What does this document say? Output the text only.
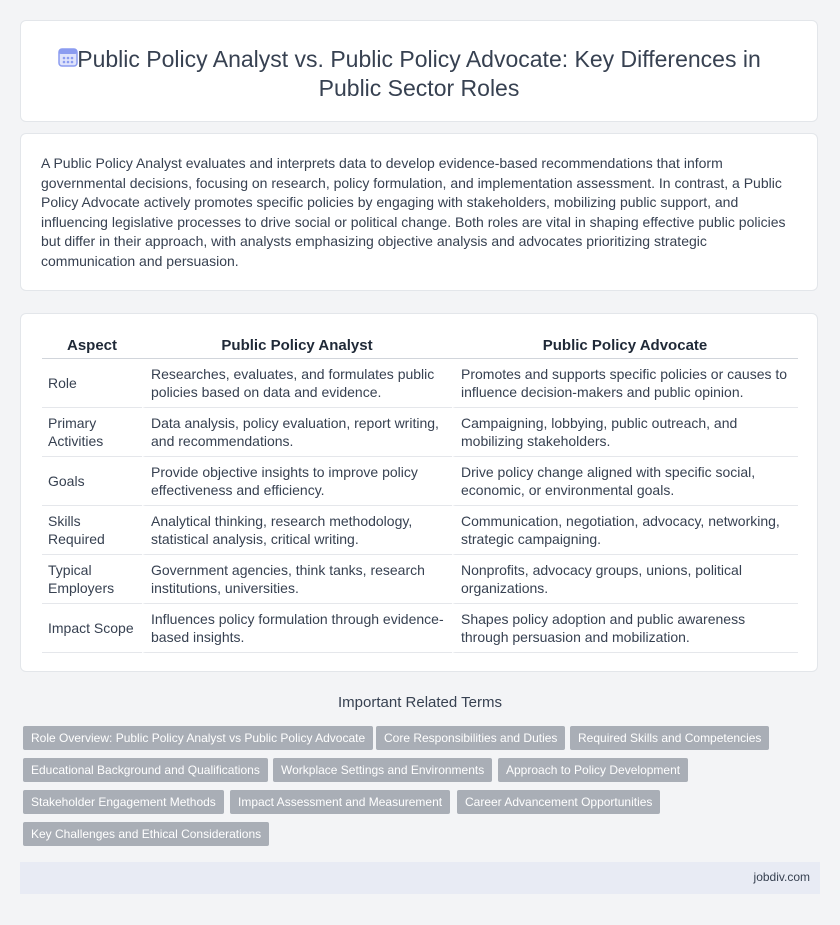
Public Policy Analyst vs. Public Policy Advocate: Key Differences in Public Sector Roles

A Public Policy Analyst evaluates and interprets data to develop evidence-based recommendations that inform governmental decisions, focusing on research, policy formulation, and implementation assessment. In contrast, a Public Policy Advocate actively promotes specific policies by engaging with stakeholders, mobilizing public support, and influencing legislative processes to drive social or political change. Both roles are vital in shaping effective public policies but differ in their approach, with analysts emphasizing objective analysis and advocates prioritizing strategic communication and persuasion.

Aspect	Public Policy Analyst	Public Policy Advocate
Role	Researches, evaluates, and formulates public policies based on data and evidence.	Promotes and supports specific policies or causes to influence decision-makers and public opinion.
Primary Activities	Data analysis, policy evaluation, report writing, and recommendations.	Campaigning, lobbying, public outreach, and mobilizing stakeholders.
Goals	Provide objective insights to improve policy effectiveness and efficiency.	Drive policy change aligned with specific social, economic, or environmental goals.
Skills Required	Analytical thinking, research methodology, statistical analysis, critical writing.	Communication, negotiation, advocacy, networking, strategic campaigning.
Typical Employers	Government agencies, think tanks, research institutions, universities.	Nonprofits, advocacy groups, unions, political organizations.
Impact Scope	Influences policy formulation through evidence-based insights.	Shapes policy adoption and public awareness through persuasion and mobilization.
Important Related Terms
Role Overview: Public Policy Analyst vs Public Policy Advocate	Core Responsibilities and Duties	Required Skills and Competencies
Educational Background and Qualifications	Workplace Settings and Environments	Approach to Policy Development
Stakeholder Engagement Methods	Impact Assessment and Measurement	Career Advancement Opportunities
Key Challenges and Ethical Considerations
jobdiv.com
